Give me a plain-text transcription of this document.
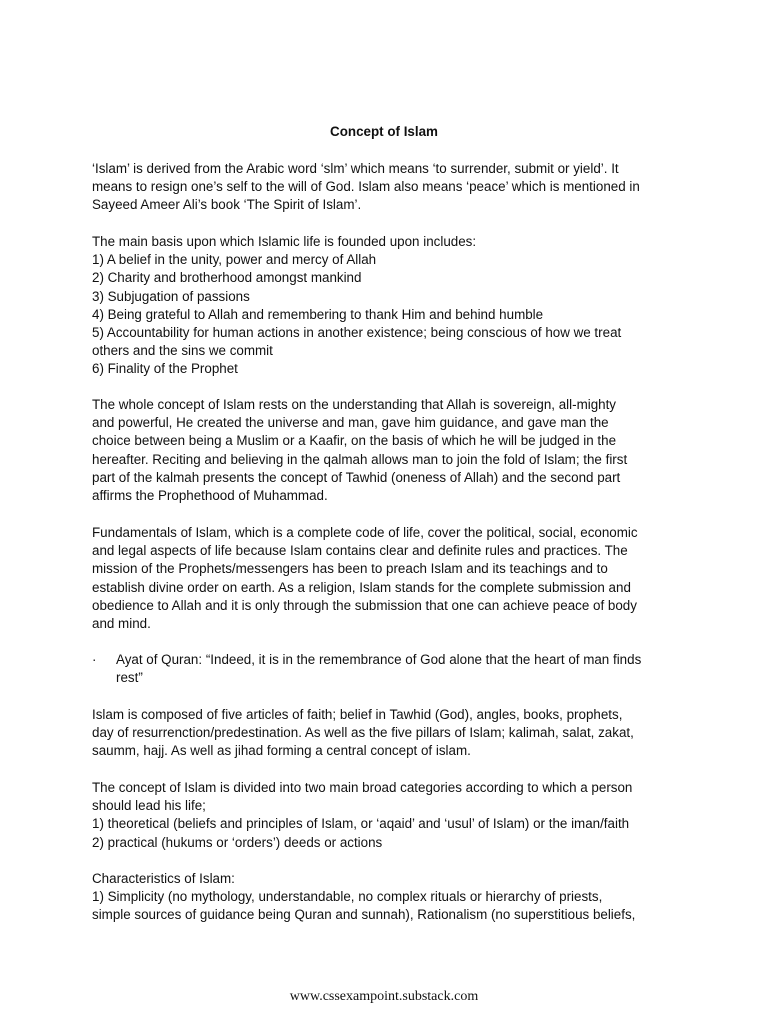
Concept of Islam
‘Islam’ is derived from the Arabic word ‘slm’ which means ‘to surrender, submit or yield’. It
means to resign one’s self to the will of God. Islam also means ‘peace’ which is mentioned in
Sayeed Ameer Ali’s book ‘The Spirit of Islam’.
The main basis upon which Islamic life is founded upon includes:
1) A belief in the unity, power and mercy of Allah
2) Charity and brotherhood amongst mankind
3) Subjugation of passions
4) Being grateful to Allah and remembering to thank Him and behind humble
5) Accountability for human actions in another existence; being conscious of how we treat
others and the sins we commit
6) Finality of the Prophet
The whole concept of Islam rests on the understanding that Allah is sovereign, all-mighty
and powerful, He created the universe and man, gave him guidance, and gave man the
choice between being a Muslim or a Kaafir, on the basis of which he will be judged in the
hereafter. Reciting and believing in the qalmah allows man to join the fold of Islam; the first
part of the kalmah presents the concept of Tawhid (oneness of Allah) and the second part
affirms the Prophethood of Muhammad.
Fundamentals of Islam, which is a complete code of life, cover the political, social, economic
and legal aspects of life because Islam contains clear and definite rules and practices. The
mission of the Prophets/messengers has been to preach Islam and its teachings and to
establish divine order on earth. As a religion, Islam stands for the complete submission and
obedience to Allah and it is only through the submission that one can achieve peace of body
and mind.
· Ayat of Quran: “Indeed, it is in the remembrance of God alone that the heart of man finds
rest”
Islam is composed of five articles of faith; belief in Tawhid (God), angles, books, prophets,
day of resurrenction/predestination. As well as the five pillars of Islam; kalimah, salat, zakat,
saumm, hajj. As well as jihad forming a central concept of islam.
The concept of Islam is divided into two main broad categories according to which a person
should lead his life;
1) theoretical (beliefs and principles of Islam, or ‘aqaid’ and ‘usul’ of Islam) or the iman/faith
2) practical (hukums or ‘orders’) deeds or actions
Characteristics of Islam:
1) Simplicity (no mythology, understandable, no complex rituals or hierarchy of priests,
simple sources of guidance being Quran and sunnah), Rationalism (no superstitious beliefs,
www.cssexampoint.substack.com
